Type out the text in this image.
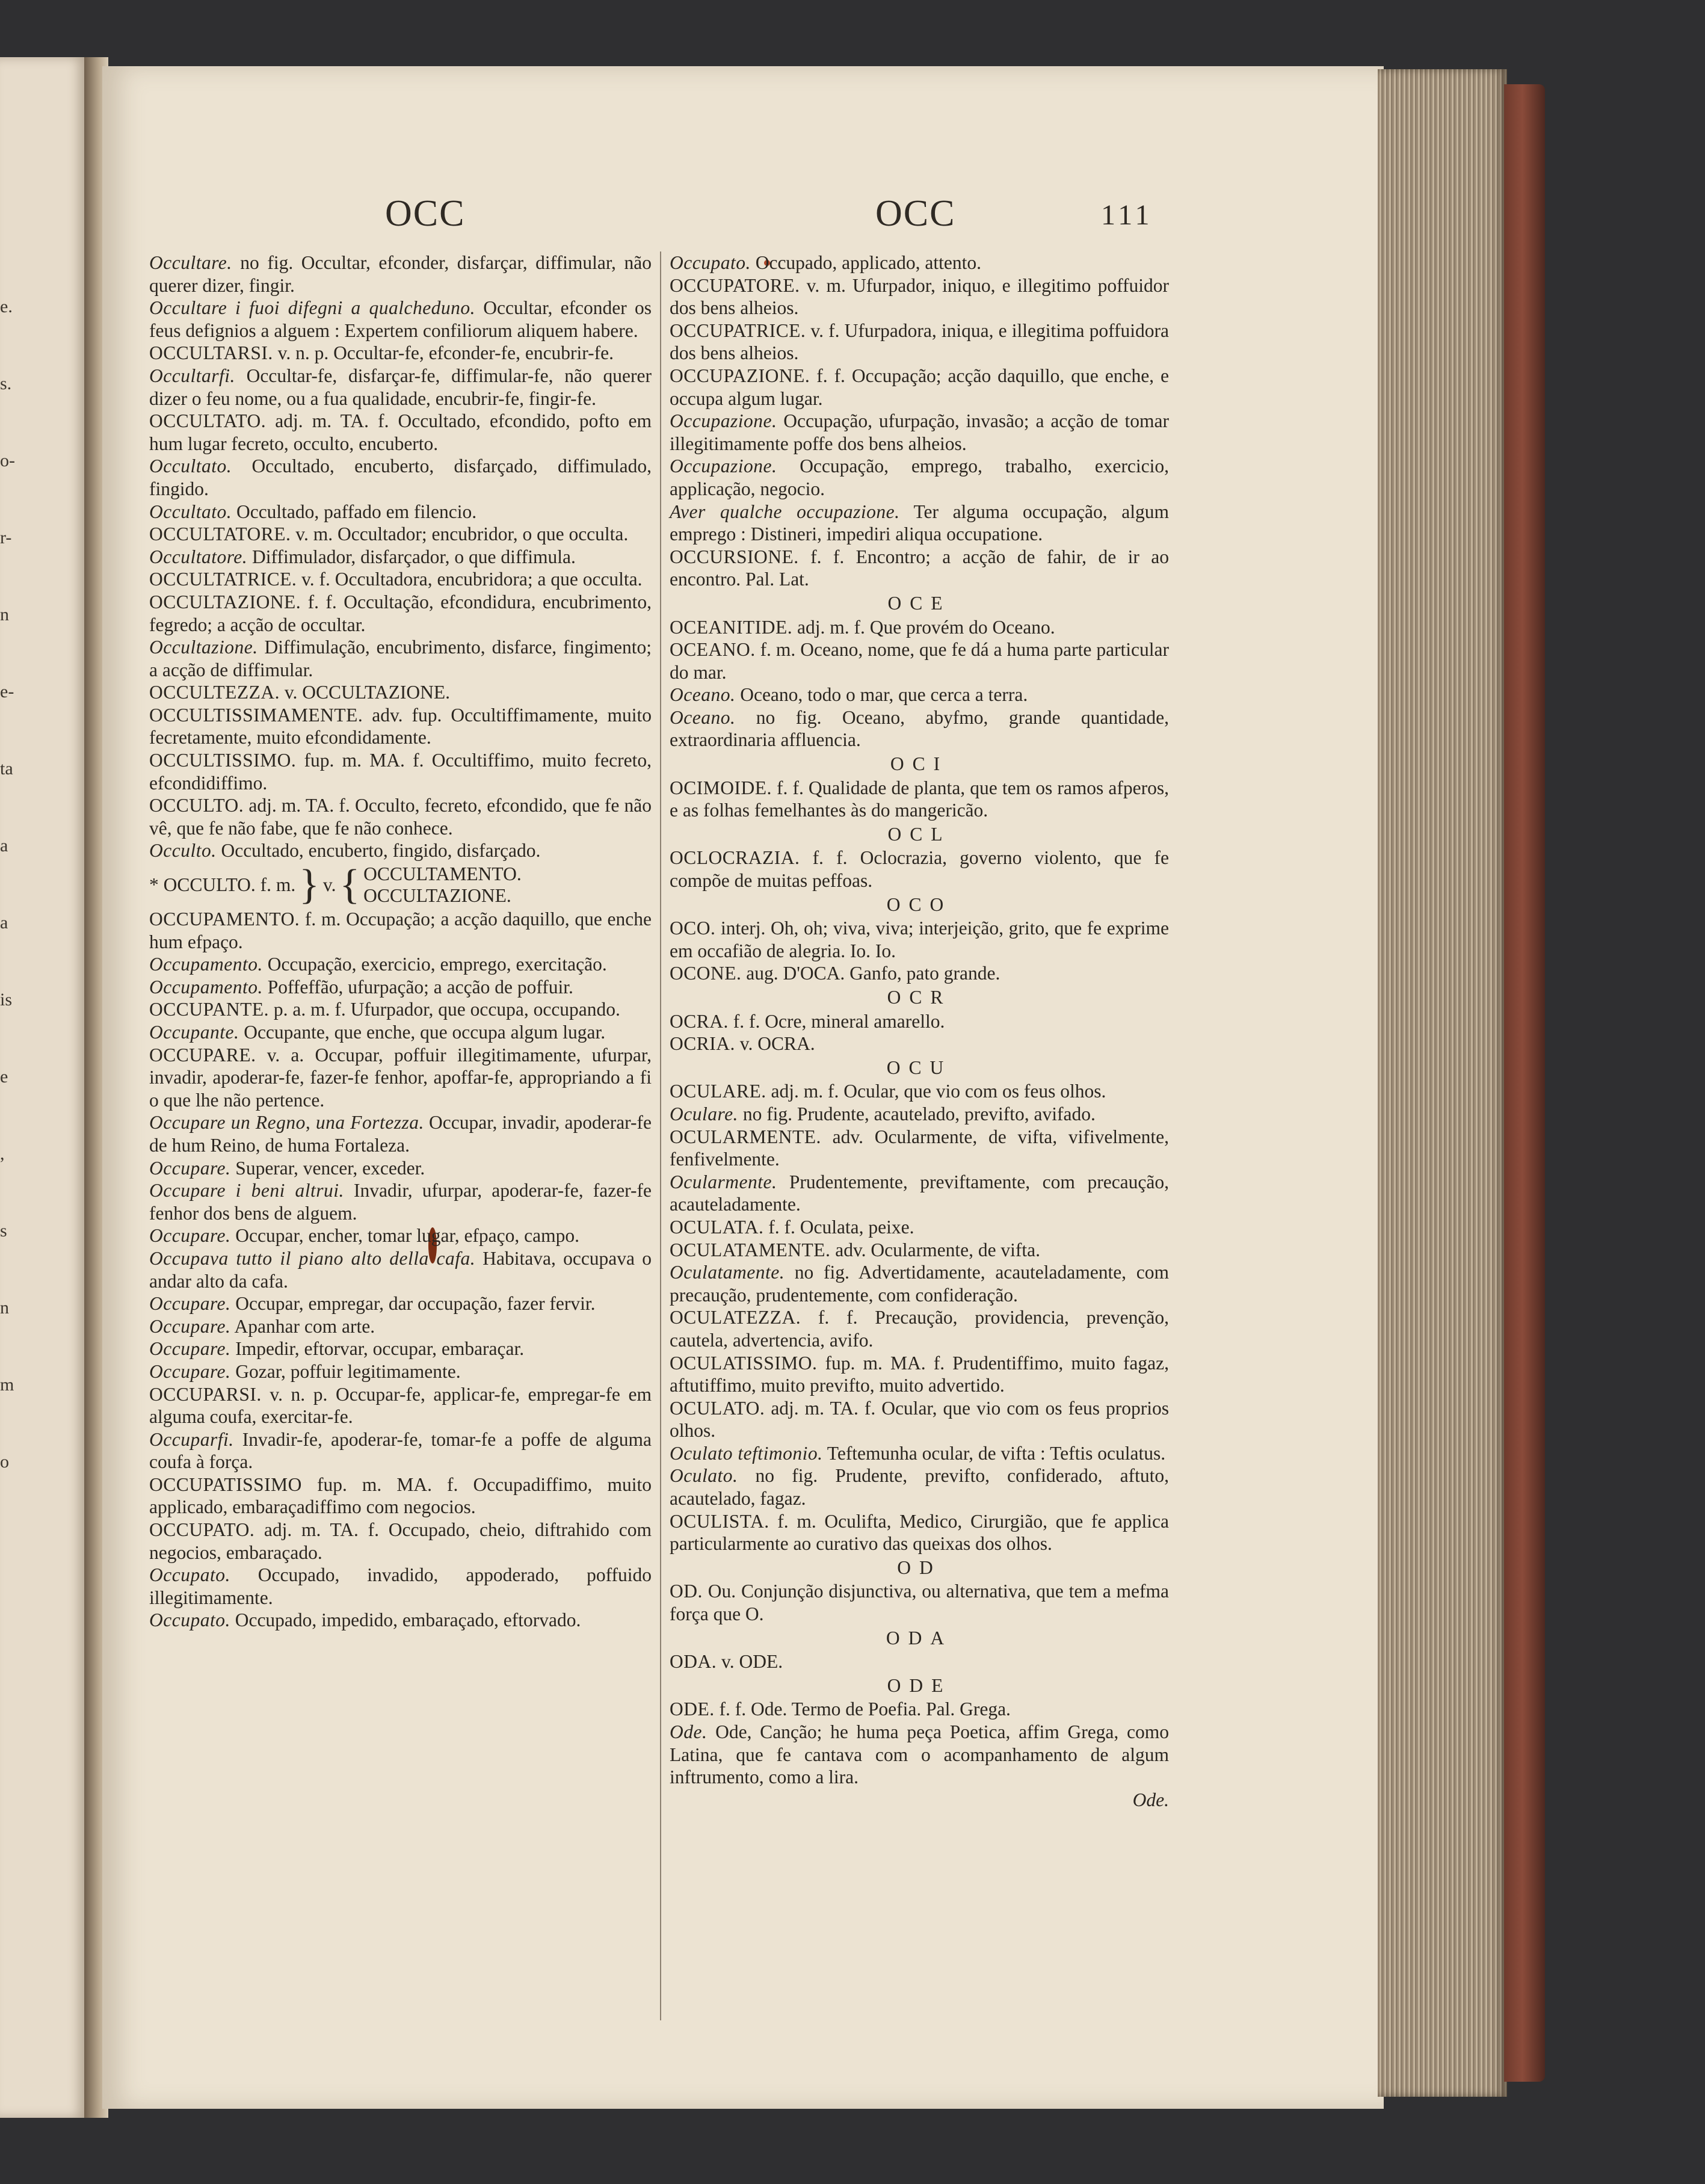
e.
s.
o-
r-
n
e-
ta
a
a
is
e
,
s
n
m
o
OCC	OCC	111
Occultare. no fig. Occultar, efconder, disfarçar, diffimular, não querer dizer, fingir.
Occultare i fuoi difegni a qualcheduno. Occultar, efconder os feus defignios a alguem : Expertem confiliorum aliquem habere.
OCCULTARSI. v. n. p. Occultar-fe, efconder-fe, encubrir-fe.
Occultarfi. Occultar-fe, disfarçar-fe, diffimular-fe, não querer dizer o feu nome, ou a fua qualidade, encubrir-fe, fingir-fe.
OCCULTATO. adj. m. TA. f. Occultado, efcondido, pofto em hum lugar fecreto, occulto, encuberto.
Occultato. Occultado, encuberto, disfarçado, diffimulado, fingido.
Occultato. Occultado, paffado em filencio.
OCCULTATORE. v. m. Occultador; encubridor, o que occulta.
Occultatore. Diffimulador, disfarçador, o que diffimula.
OCCULTATRICE. v. f. Occultadora, encubridora; a que occulta.
OCCULTAZIONE. f. f. Occultação, efcondidura, encubrimento, fegredo; a acção de occultar.
Occultazione. Diffimulação, encubrimento, disfarce, fingimento; a acção de diffimular.
OCCULTEZZA. v. OCCULTAZIONE.
OCCULTISSIMAMENTE. adv. fup. Occultiffimamente, muito fecretamente, muito efcondidamente.
OCCULTISSIMO. fup. m. MA. f. Occultiffimo, muito fecreto, efcondidiffimo.
OCCULTO. adj. m. TA. f. Occulto, fecreto, efcondido, que fe não vê, que fe não fabe, que fe não conhece.
Occulto. Occultado, encuberto, fingido, disfarçado.
* OCCULTO. f. m. } v. { OCCULTAMENTO.
OCCULTAZIONE.
OCCUPAMENTO. f. m. Occupação; a acção daquillo, que enche hum efpaço.
Occupamento. Occupação, exercicio, emprego, exercitação.
Occupamento. Poffeffão, ufurpação; a acção de poffuir.
OCCUPANTE. p. a. m. f. Ufurpador, que occupa, occupando.
Occupante. Occupante, que enche, que occupa algum lugar.
OCCUPARE. v. a. Occupar, poffuir illegitimamente, ufurpar, invadir, apoderar-fe, fazer-fe fenhor, apoffar-fe, appropriando a fi o que lhe não pertence.
Occupare un Regno, una Fortezza. Occupar, invadir, apoderar-fe de hum Reino, de huma Fortaleza.
Occupare. Superar, vencer, exceder.
Occupare i beni altrui. Invadir, ufurpar, apoderar-fe, fazer-fe fenhor dos bens de alguem.
Occupare. Occupar, encher, tomar lugar, efpaço, campo.
Occupava tutto il piano alto della cafa. Habitava, occupava o andar alto da cafa.
Occupare. Occupar, empregar, dar occupação, fazer fervir.
Occupare. Apanhar com arte.
Occupare. Impedir, eftorvar, occupar, embaraçar.
Occupare. Gozar, poffuir legitimamente.
OCCUPARSI. v. n. p. Occupar-fe, applicar-fe, empregar-fe em alguma coufa, exercitar-fe.
Occuparfi. Invadir-fe, apoderar-fe, tomar-fe a poffe de alguma coufa à força.
OCCUPATISSIMO fup. m. MA. f. Occupadiffimo, muito applicado, embaraçadiffimo com negocios.
OCCUPATO. adj. m. TA. f. Occupado, cheio, diftrahido com negocios, embaraçado.
Occupato. Occupado, invadido, appoderado, poffuido illegitimamente.
Occupato. Occupado, impedido, embaraçado, eftorvado.
Occupato. Occupado, applicado, attento.
OCCUPATORE. v. m. Ufurpador, iniquo, e illegitimo poffuidor dos bens alheios.
OCCUPATRICE. v. f. Ufurpadora, iniqua, e illegitima poffuidora dos bens alheios.
OCCUPAZIONE. f. f. Occupação; acção daquillo, que enche, e occupa algum lugar.
Occupazione. Occupação, ufurpação, invasão; a acção de tomar illegitimamente poffe dos bens alheios.
Occupazione. Occupação, emprego, trabalho, exercicio, applicação, negocio.
Aver qualche occupazione. Ter alguma occupação, algum emprego : Distineri, impediri aliqua occupatione.
OCCURSIONE. f. f. Encontro; a acção de fahir, de ir ao encontro. Pal. Lat.
OCE
OCEANITIDE. adj. m. f. Que provém do Oceano.
OCEANO. f. m. Oceano, nome, que fe dá a huma parte particular do mar.
Oceano. Oceano, todo o mar, que cerca a terra.
Oceano. no fig. Oceano, abyfmo, grande quantidade, extraordinaria affluencia.
OCI
OCIMOIDE. f. f. Qualidade de planta, que tem os ramos afperos, e as folhas femelhantes às do mangericão.
OCL
OCLOCRAZIA. f. f. Oclocrazia, governo violento, que fe compõe de muitas peffoas.
OCO
OCO. interj. Oh, oh; viva, viva; interjeição, grito, que fe exprime em occafião de alegria. Io. Io.
OCONE. aug. D'OCA. Ganfo, pato grande.
OCR
OCRA. f. f. Ocre, mineral amarello.
OCRIA. v. OCRA.
OCU
OCULARE. adj. m. f. Ocular, que vio com os feus olhos.
Oculare. no fig. Prudente, acautelado, previfto, avifado.
OCULARMENTE. adv. Ocularmente, de vifta, vifivelmente, fenfivelmente.
Ocularmente. Prudentemente, previftamente, com precaução, acauteladamente.
OCULATA. f. f. Oculata, peixe.
OCULATAMENTE. adv. Ocularmente, de vifta.
Oculatamente. no fig. Advertidamente, acauteladamente, com precaução, prudentemente, com confideração.
OCULATEZZA. f. f. Precaução, providencia, prevenção, cautela, advertencia, avifo.
OCULATISSIMO. fup. m. MA. f. Prudentiffimo, muito fagaz, aftutiffimo, muito previfto, muito advertido.
OCULATO. adj. m. TA. f. Ocular, que vio com os feus proprios olhos.
Oculato teftimonio. Teftemunha ocular, de vifta : Teftis oculatus.
Oculato. no fig. Prudente, previfto, confiderado, aftuto, acautelado, fagaz.
OCULISTA. f. m. Oculifta, Medico, Cirurgião, que fe applica particularmente ao curativo das queixas dos olhos.
OD
OD. Ou. Conjunção disjunctiva, ou alternativa, que tem a mefma força que O.
ODA
ODA. v. ODE.
ODE
ODE. f. f. Ode. Termo de Poefia. Pal. Grega.
Ode. Ode, Canção; he huma peça Poetica, affim Grega, como Latina, que fe cantava com o acompanhamento de algum inftrumento, como a lira.
Ode.
